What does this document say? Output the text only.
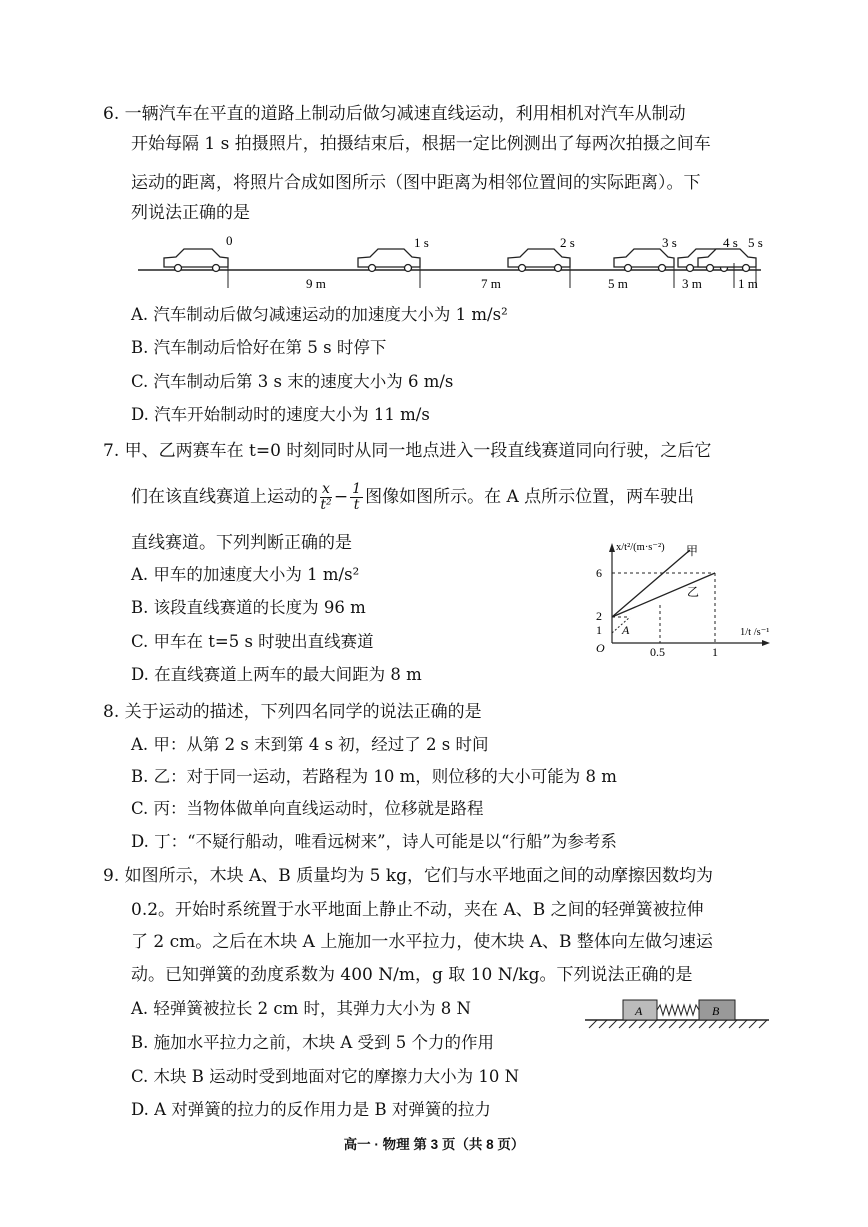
6. 一辆汽车在平直的道路上制动后做匀减速直线运动，利用相机对汽车从制动
开始每隔 1 s 拍摄照片，拍摄结束后，根据一定比例测出了每两次拍摄之间车
运动的距离，将照片合成如图所示（图中距离为相邻位置间的实际距离）。下
列说法正确的是
0	1 s	2 s	3 s	4 s 5 s
9 m	7 m	5 m	3 m	1 m
A. 汽车制动后做匀减速运动的加速度大小为 1 m/s²
B. 汽车制动后恰好在第 5 s 时停下
C. 汽车制动后第 3 s 末的速度大小为 6 m/s
D. 汽车开始制动时的速度大小为 11 m/s
7. 甲、乙两赛车在 t=0 时刻同时从同一地点进入一段直线赛道同向行驶，之后它
们在该直线赛道上运动的 $\frac{x}{\text{t²}} - \frac{1}{t}$ 图像如图所示。在 A 点所示位置，两车驶出
直线赛道。下列判断正确的是
A. 甲车的加速度大小为 1 m/s²
B. 该段直线赛道的长度为 96 m
C. 甲车在 t=5 s 时驶出直线赛道
D. 在直线赛道上两车的最大间距为 8 m
x/t²/(m·s⁻²) 甲
乙
A
6
2
1
O	0.5	1
1/t /s⁻¹
8. 关于运动的描述，下列四名同学的说法正确的是
A. 甲：从第 2 s 末到第 4 s 初，经过了 2 s 时间
B. 乙：对于同一运动，若路程为 10 m，则位移的大小可能为 8 m
C. 丙：当物体做单向直线运动时，位移就是路程
D. 丁：“不疑行船动，唯看远树来”，诗人可能是以“行船”为参考系
9. 如图所示，木块 A、B 质量均为 5 kg，它们与水平地面之间的动摩擦因数均为
0.2。开始时系统置于水平地面上静止不动，夹在 A、B 之间的轻弹簧被拉伸
了 2 cm。之后在木块 A 上施加一水平拉力，使木块 A、B 整体向左做匀速运
动。已知弹簧的劲度系数为 400 N/m，g 取 10 N/kg。下列说法正确的是
A. 轻弹簧被拉长 2 cm 时，其弹力大小为 8 N
B. 施加水平拉力之前，木块 A 受到 5 个力的作用
C. 木块 B 运动时受到地面对它的摩擦力大小为 10 N
D. A 对弹簧的拉力的反作用力是 B 对弹簧的拉力
A	B
高一 · 物理 第 3 页（共 8 页）
